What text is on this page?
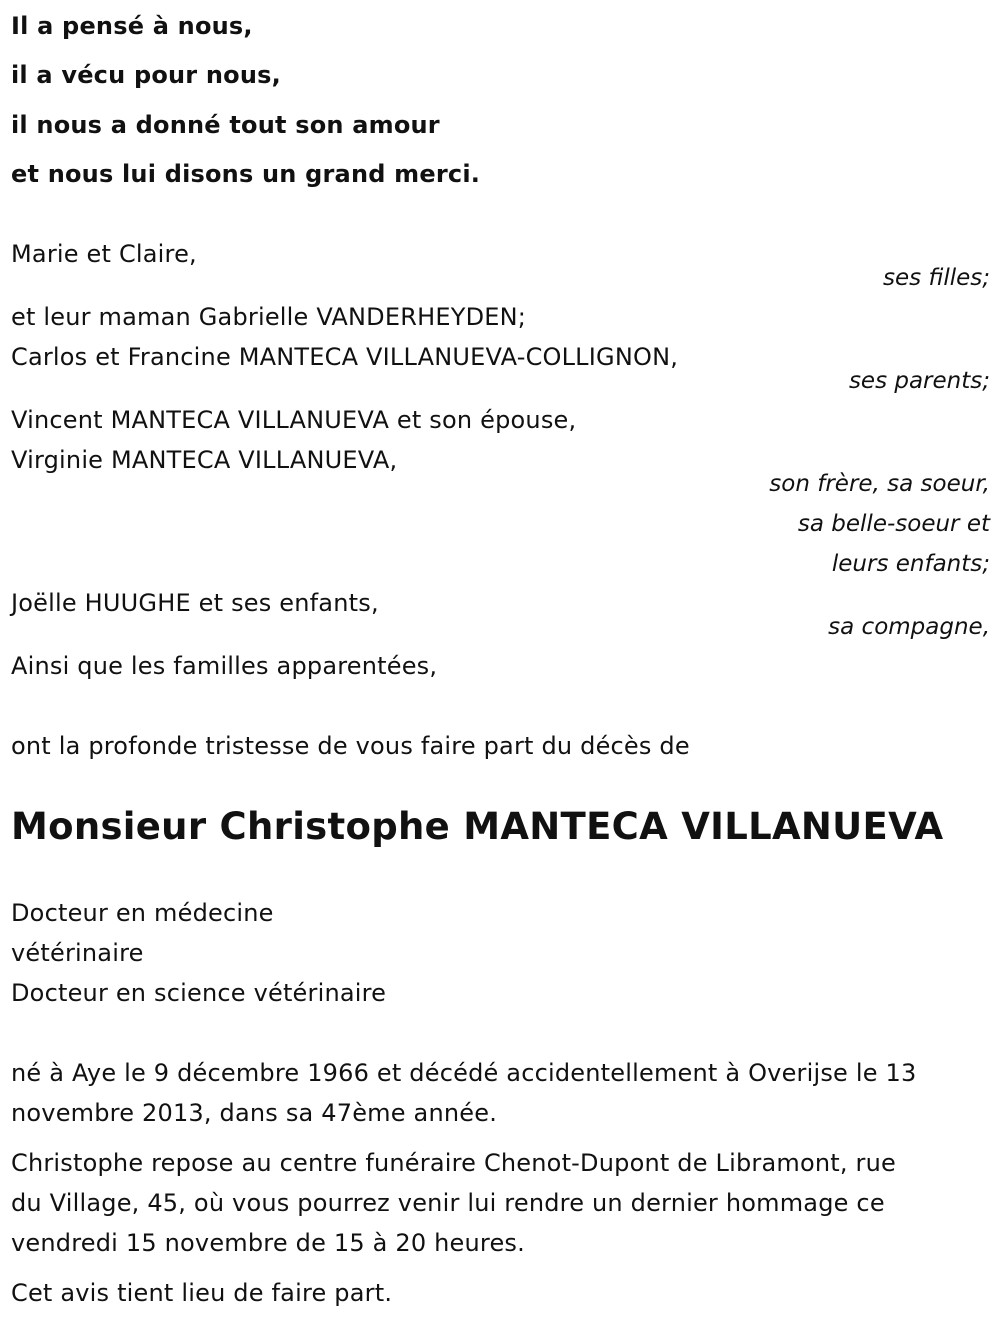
Il a pensé à nous,
il a vécu pour nous,
il nous a donné tout son amour
et nous lui disons un grand merci.
Marie et Claire,
ses filles;
et leur maman Gabrielle VANDERHEYDEN;
Carlos et Francine MANTECA VILLANUEVA-COLLIGNON,
ses parents;
Vincent MANTECA VILLANUEVA et son épouse,
Virginie MANTECA VILLANUEVA,
son frère, sa soeur,
sa belle-soeur et
leurs enfants;
Joëlle HUUGHE et ses enfants,
sa compagne,
Ainsi que les familles apparentées,
ont la profonde tristesse de vous faire part du décès de
Monsieur Christophe MANTECA VILLANUEVA
Docteur en médecine
vétérinaire
Docteur en science vétérinaire
né à Aye le 9 décembre 1966 et décédé accidentellement à Overijse le 13
novembre 2013, dans sa 47ème année.
Christophe repose au centre funéraire Chenot-Dupont de Libramont, rue
du Village, 45, où vous pourrez venir lui rendre un dernier hommage ce
vendredi 15 novembre de 15 à 20 heures.
Cet avis tient lieu de faire part.
